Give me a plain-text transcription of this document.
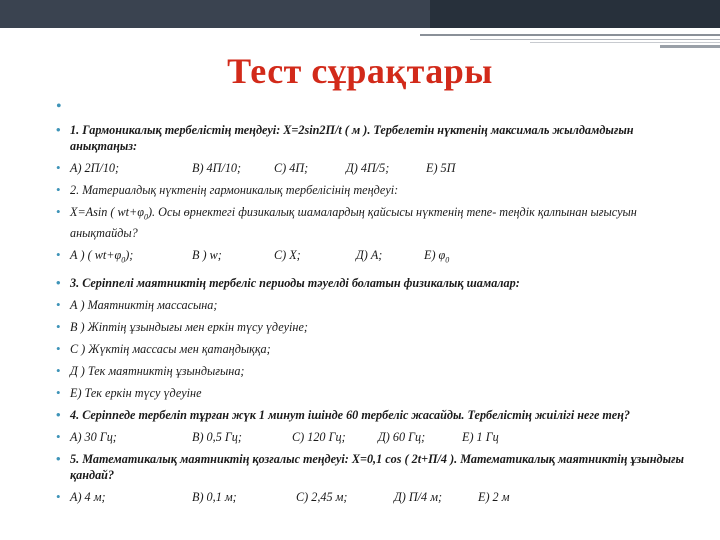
Тест сұрақтары
•
• 1. Гармоникалық тербелістің теңдеуі: X=2sin2П/t ( м ). Тербелетін нүктенің максималь жылдамдығын анықтаңыз:
• А) 2П/10;	В) 4П/10;	С) 4П;	Д) 4П/5;	Е) 5П
• 2. Материалдық нүктенің гармоникалық тербелісінің теңдеуі:
• X=Asin ( $wt+\varphi_0$). Осы өрнектегі физикалық шамалардың қайсысы нүктенің тепе- теңдік қалпынан ығысуын анықтайды?
• А ) ( $wt+\varphi_0$);	В ) w;	С) X;	Д) А;	Е) $\varphi_0$
• 3. Серіппелі маятниктің тербеліс периоды тәуелді болатын физикалық шамалар:
• А ) Маятниктің массасына;
• В ) Жіптің ұзындығы мен еркін түсу үдеуіне;
• С ) Жүктің массасы мен қатаңдыққа;
• Д ) Тек маятниктің ұзындығына;
• Е) Тек еркін түсу үдеуіне
• 4. Серіппеде тербеліп тұрған жүк 1 минут ішінде 60 тербеліс жасайды. Тербелістің жиілігі неге тең?
• А) 30 Гц;	В) 0,5 Гц;	С) 120 Гц;	Д) 60 Гц;	Е) 1 Гц
• 5. Математикалық маятниктің қозғалыс теңдеуі: X=0,1 cos ( 2t+П/4 ). Математикалық маятниктің ұзындығы қандай?
• А) 4 м;	В) 0,1 м;	С) 2,45 м;	Д) П/4 м;	Е) 2 м
